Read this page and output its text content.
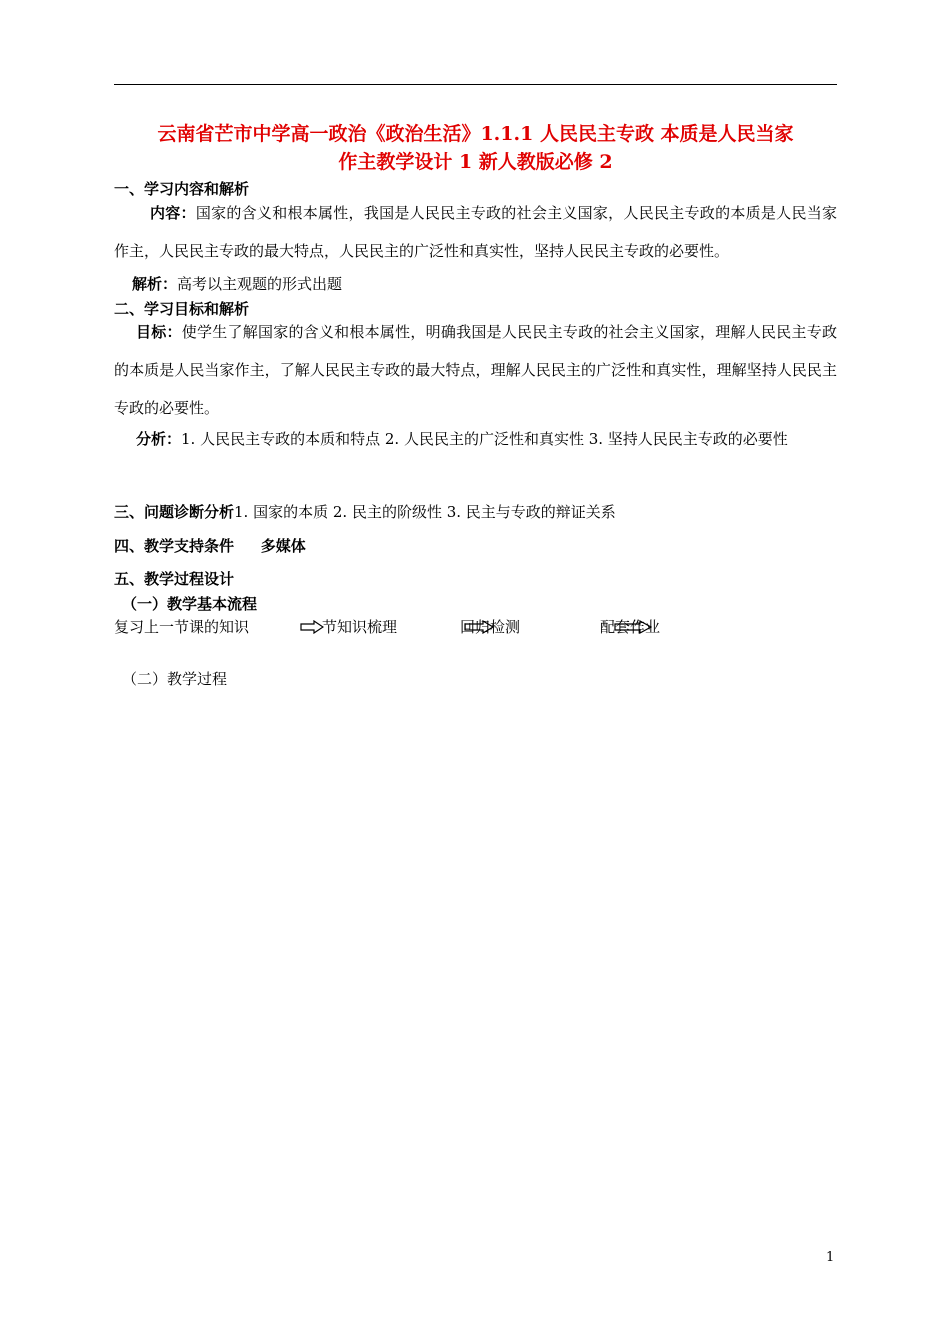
云南省芒市中学高一政治《政治生活》1.1.1 人民民主专政 本质是人民当家
作主教学设计 1 新人教版必修 2
一、学习内容和解析
内容：国家的含义和根本属性，我国是人民民主专政的社会主义国家，人民民主专政的本质是人民当家作主，人民民主专政的最大特点，人民民主的广泛性和真实性，坚持人民民主专政的必要性。
解析：高考以主观题的形式出题
二、学习目标和解析
目标：使学生了解国家的含义和根本属性，明确我国是人民民主专政的社会主义国家，理解人民民主专政的本质是人民当家作主，了解人民民主专政的最大特点，理解人民民主的广泛性和真实性，理解坚持人民民主专政的必要性。
分析：1. 人民民主专政的本质和特点 2. 人民民主的广泛性和真实性 3. 坚持人民民主专政的必要性
三、问题诊断分析1. 国家的本质 2. 民主的阶级性 3. 民主与专政的辩证关系
四、教学支持条件 多媒体
五、教学过程设计
（一）教学基本流程
复习上一节课的知识	节知识梳理	回归检测	配套作业
（二）教学过程
1
